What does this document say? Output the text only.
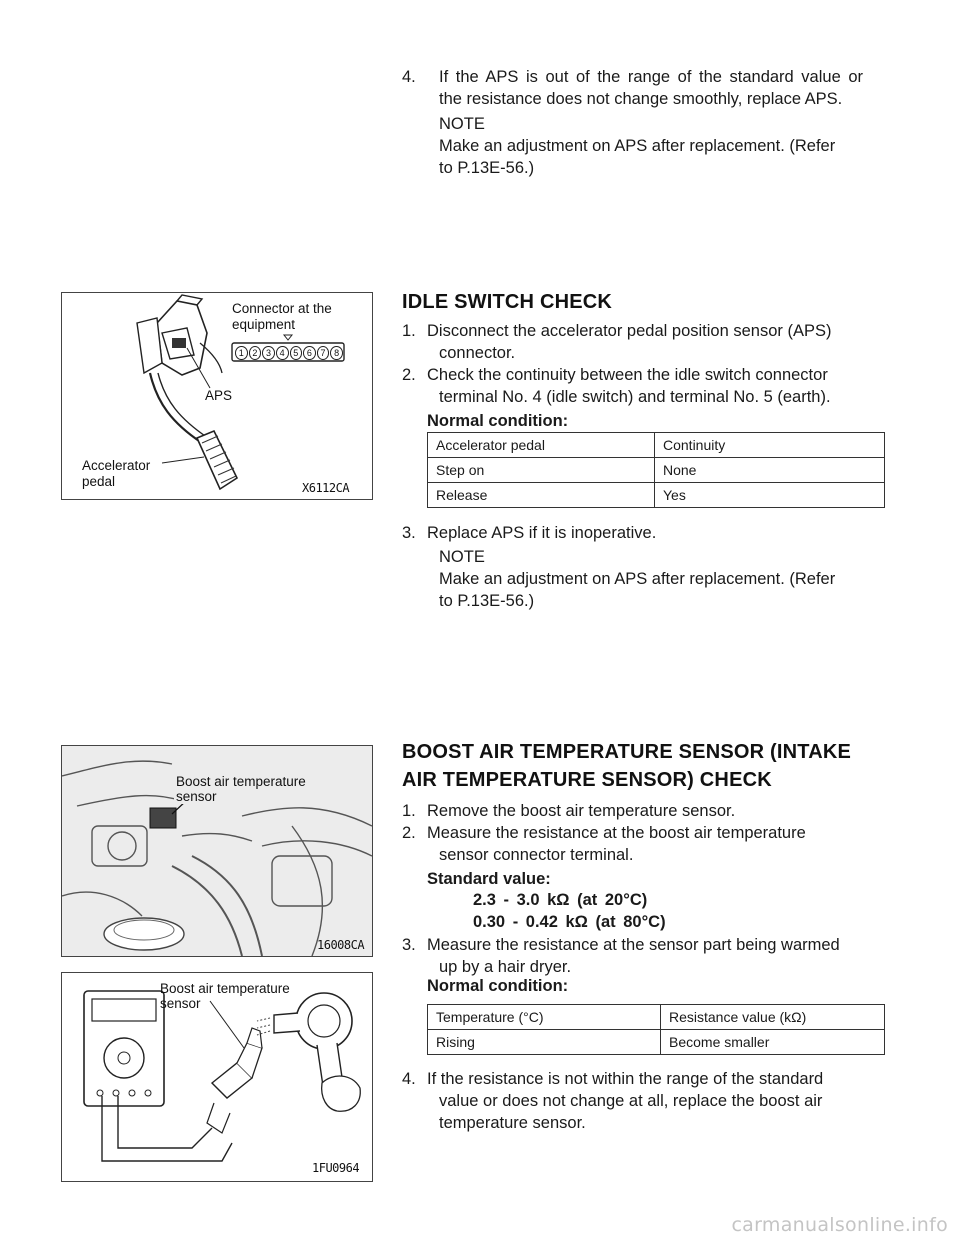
4. If the APS is out of the range of the standard value or
the resistance does not change smoothly, replace APS.
NOTE
Make an adjustment on APS after replacement. (Refer
to P.13E-56.)
1 2 3 4 5 6 7 8
Connector at the
equipment
APS
Accelerator
pedal	X6112CA
IDLE SWITCH CHECK
1. Disconnect the accelerator pedal position sensor (APS)
connector.
2. Check the continuity between the idle switch connector
terminal No. 4 (idle switch) and terminal No. 5 (earth).
Normal condition:
Accelerator pedal	Continuity
Step on	None
Release	Yes
3. Replace APS if it is inoperative.
NOTE
Make an adjustment on APS after replacement. (Refer
to P.13E-56.)
Boost air temperature
sensor
16008CA
Boost air temperature
sensor
1FU0964
BOOST AIR TEMPERATURE SENSOR (INTAKE
AIR TEMPERATURE SENSOR) CHECK
1. Remove the boost air temperature sensor.
2. Measure the resistance at the boost air temperature
sensor connector terminal.
Standard value:
2.3 - 3.0 kΩ (at 20°C)
0.30 - 0.42 kΩ (at 80°C)
3. Measure the resistance at the sensor part being warmed
up by a hair dryer.
Normal condition:
Temperature (°C)	Resistance value (kΩ)
Rising	Become smaller
4. If the resistance is not within the range of the standard
value or does not change at all, replace the boost air
temperature sensor.
carmanualsonline.info
